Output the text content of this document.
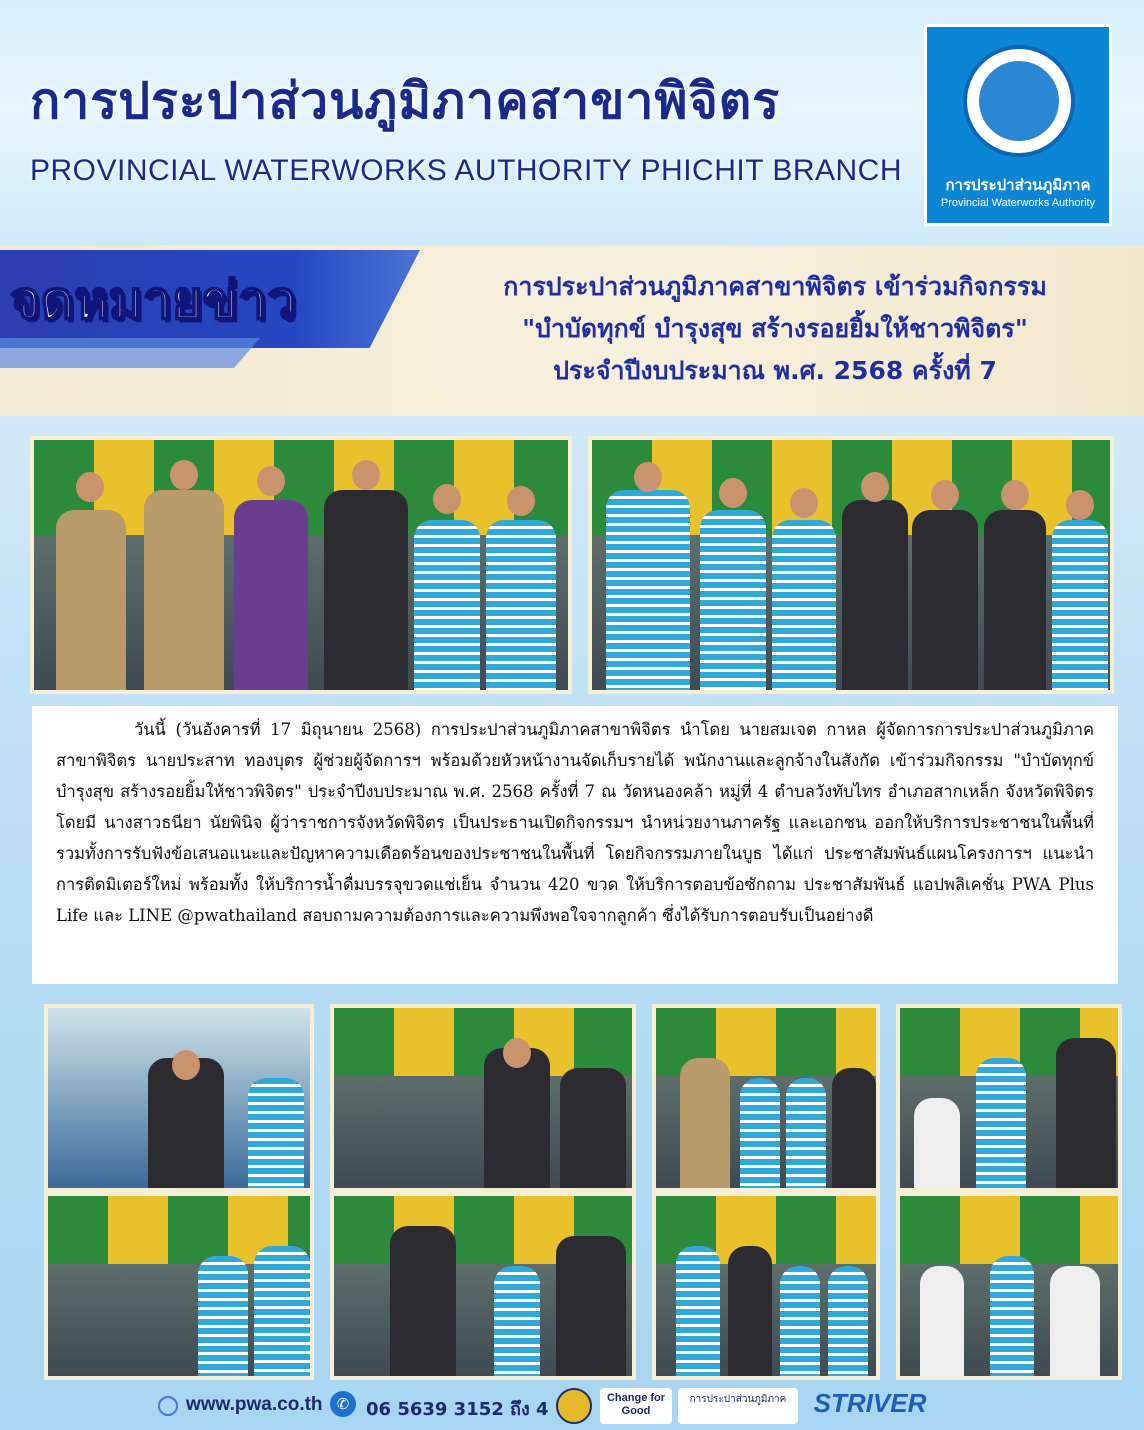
การประปาส่วนภูมิภาคสาขาพิจิตร
PROVINCIAL WATERWORKS AUTHORITY PHICHIT BRANCH	การประปาส่วนภูมิภาค
Provincial Waterworks Authority
จดหมายข่าว	การประปาส่วนภูมิภาคสาขาพิจิตร เข้าร่วมกิจกรรม
"บำบัดทุกข์ บำรุงสุข สร้างรอยยิ้มให้ชาวพิจิตร"
ประจำปีงบประมาณ พ.ศ. 2568 ครั้งที่ 7

วันนี้ (วันอังคารที่ 17 มิถุนายน 2568) การประปาส่วนภูมิภาคสาขาพิจิตร นำโดย นายสมเจต กาหล ผู้จัดการการประปาส่วนภูมิภาคสาขาพิจิตร นายประสาท ทองบุตร ผู้ช่วยผู้จัดการฯ พร้อมด้วยหัวหน้างานจัดเก็บรายได้ พนักงานและลูกจ้างในสังกัด เข้าร่วมกิจกรรม "บำบัดทุกข์ บำรุงสุข สร้างรอยยิ้มให้ชาวพิจิตร" ประจำปีงบประมาณ พ.ศ. 2568 ครั้งที่ 7 ณ วัดหนองคล้า หมู่ที่ 4 ตำบลวังทับไทร อำเภอสากเหล็ก จังหวัดพิจิตร โดยมี นางสาวธนียา นัยพินิจ ผู้ว่าราชการจังหวัดพิจิตร เป็นประธานเปิดกิจกรรมฯ นำหน่วยงานภาครัฐ และเอกชน ออกให้บริการประชาชนในพื้นที่ รวมทั้งการรับฟังข้อเสนอแนะและปัญหาความเดือดร้อนของประชาชนในพื้นที่ โดยกิจกรรมภายในบูธ ได้แก่ ประชาสัมพันธ์แผนโครงการฯ แนะนำการติดมิเตอร์ใหม่ พร้อมทั้ง ให้บริการน้ำดื่มบรรจุขวดแช่เย็น จำนวน 420 ขวด ให้บริการตอบข้อซักถาม ประชาสัมพันธ์ แอปพลิเคชั่น PWA Plus Life และ LINE @pwathailand สอบถามความต้องการและความพึงพอใจจากลูกค้า ซึ่งได้รับการตอบรับเป็นอย่างดี

www.pwa.co.th ✆ 06 5639 3152 ถึง 4
Change for Good
การประปาส่วนภูมิภาค	STRIVER
